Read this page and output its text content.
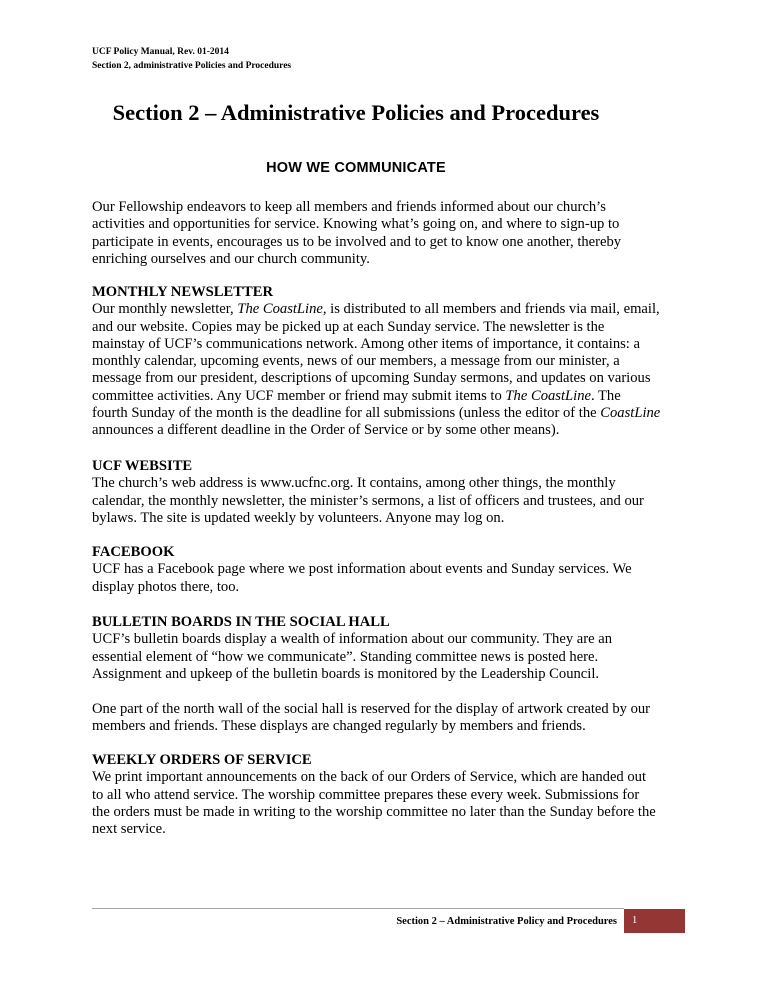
UCF Policy Manual, Rev. 01-2014
Section 2, administrative Policies and Procedures
Section 2 – Administrative Policies and Procedures
HOW WE COMMUNICATE
Our Fellowship endeavors to keep all members and friends informed about our church’s
activities and opportunities for service. Knowing what’s going on, and where to sign-up to
participate in events, encourages us to be involved and to get to know one another, thereby
enriching ourselves and our church community.
MONTHLY NEWSLETTER
Our monthly newsletter, The CoastLine, is distributed to all members and friends via mail, email,
and our website. Copies may be picked up at each Sunday service. The newsletter is the
mainstay of UCF’s communications network. Among other items of importance, it contains: a
monthly calendar, upcoming events, news of our members, a message from our minister, a
message from our president, descriptions of upcoming Sunday sermons, and updates on various
committee activities. Any UCF member or friend may submit items to The CoastLine. The
fourth Sunday of the month is the deadline for all submissions (unless the editor of the CoastLine
announces a different deadline in the Order of Service or by some other means).
UCF WEBSITE
The church’s web address is www.ucfnc.org. It contains, among other things, the monthly
calendar, the monthly newsletter, the minister’s sermons, a list of officers and trustees, and our
bylaws. The site is updated weekly by volunteers. Anyone may log on.
FACEBOOK
UCF has a Facebook page where we post information about events and Sunday services. We
display photos there, too.
BULLETIN BOARDS IN THE SOCIAL HALL
UCF’s bulletin boards display a wealth of information about our community. They are an
essential element of “how we communicate”. Standing committee news is posted here.
Assignment and upkeep of the bulletin boards is monitored by the Leadership Council.
One part of the north wall of the social hall is reserved for the display of artwork created by our
members and friends. These displays are changed regularly by members and friends.
WEEKLY ORDERS OF SERVICE
We print important announcements on the back of our Orders of Service, which are handed out
to all who attend service. The worship committee prepares these every week. Submissions for
the orders must be made in writing to the worship committee no later than the Sunday before the
next service.
Section 2 – Administrative Policy and Procedures 1
